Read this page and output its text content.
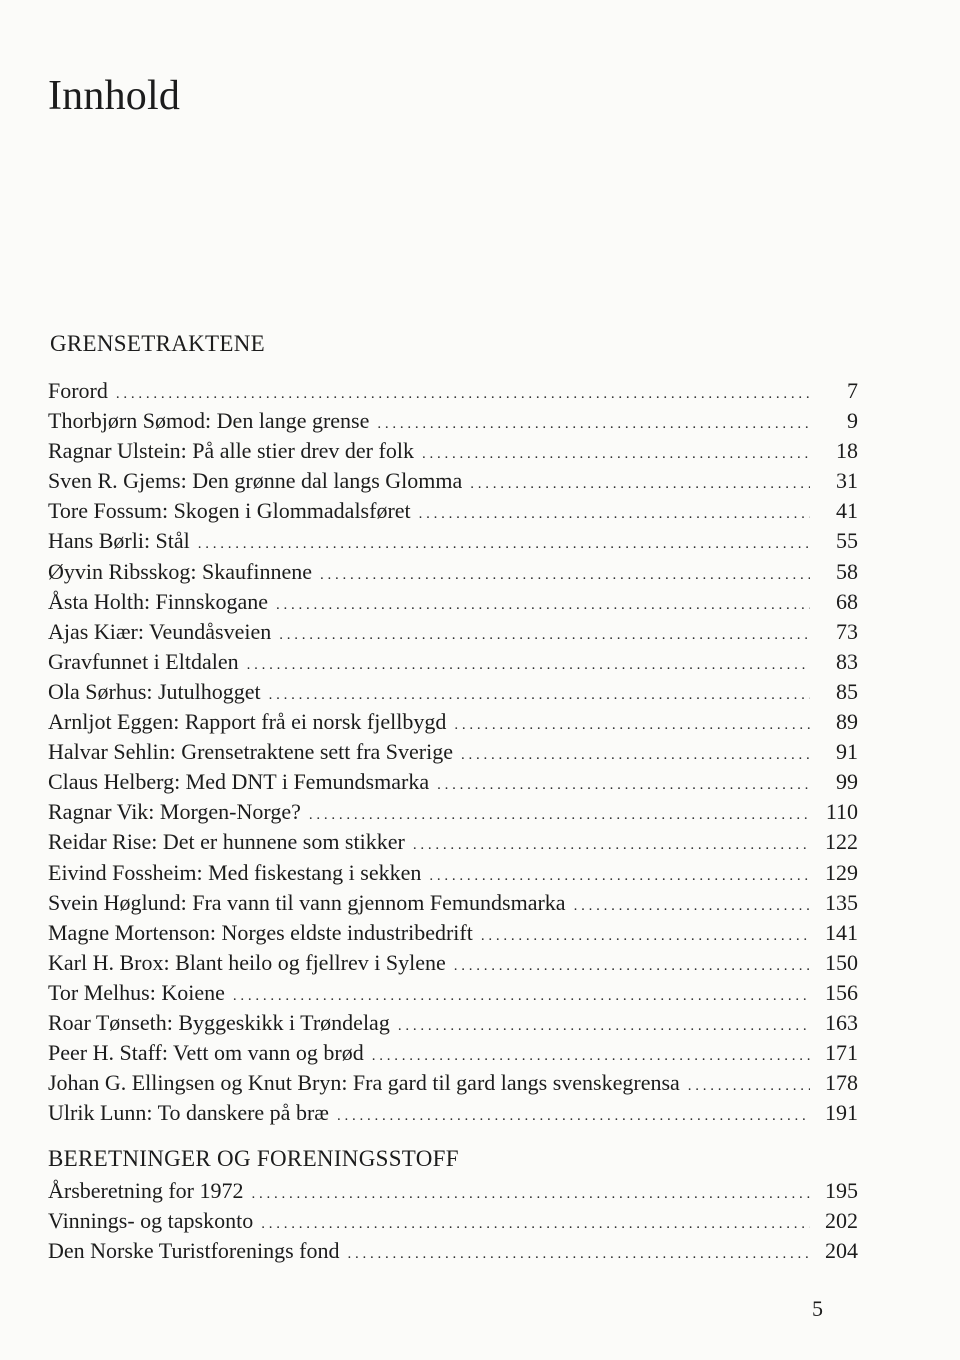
Innhold
GRENSETRAKTENE
Forord . . .	7
Thorbjørn Sømod: Den lange grense . . .	9
Ragnar Ulstein: På alle stier drev der folk . . .	18
Sven R. Gjems: Den grønne dal langs Glomma . . .	31
Tore Fossum: Skogen i Glommadalsføret . . .	41
Hans Børli: Stål . . .	55
Øyvin Ribsskog: Skaufinnene . . .	58
Åsta Holth: Finnskogane . . .	68
Ajas Kiær: Veundåsveien . . .	73
Gravfunnet i Eltdalen . . .	83
Ola Sørhus: Jutulhogget . . .	85
Arnljot Eggen: Rapport frå ei norsk fjellbygd . . .	89
Halvar Sehlin: Grensetraktene sett fra Sverige . . .	91
Claus Helberg: Med DNT i Femundsmarka . . .	99
Ragnar Vik: Morgen-Norge? . . .	110
Reidar Rise: Det er hunnene som stikker . . .	122
Eivind Fossheim: Med fiskestang i sekken . . .	129
Svein Høglund: Fra vann til vann gjennom Femundsmarka . . .	135
Magne Mortenson: Norges eldste industribedrift . . .	141
Karl H. Brox: Blant heilo og fjellrev i Sylene . . .	150
Tor Melhus: Koiene . . .	156
Roar Tønseth: Byggeskikk i Trøndelag . . .	163
Peer H. Staff: Vett om vann og brød . . .	171
Johan G. Ellingsen og Knut Bryn: Fra gard til gard langs svenskegrensa . . .	178
Ulrik Lunn: To danskere på bræ . . .	191
BERETNINGER OG FORENINGSSTOFF
Årsberetning for 1972 . . .	195
Vinnings- og tapskonto . . .	202
Den Norske Turistforenings fond . . .	204

5
